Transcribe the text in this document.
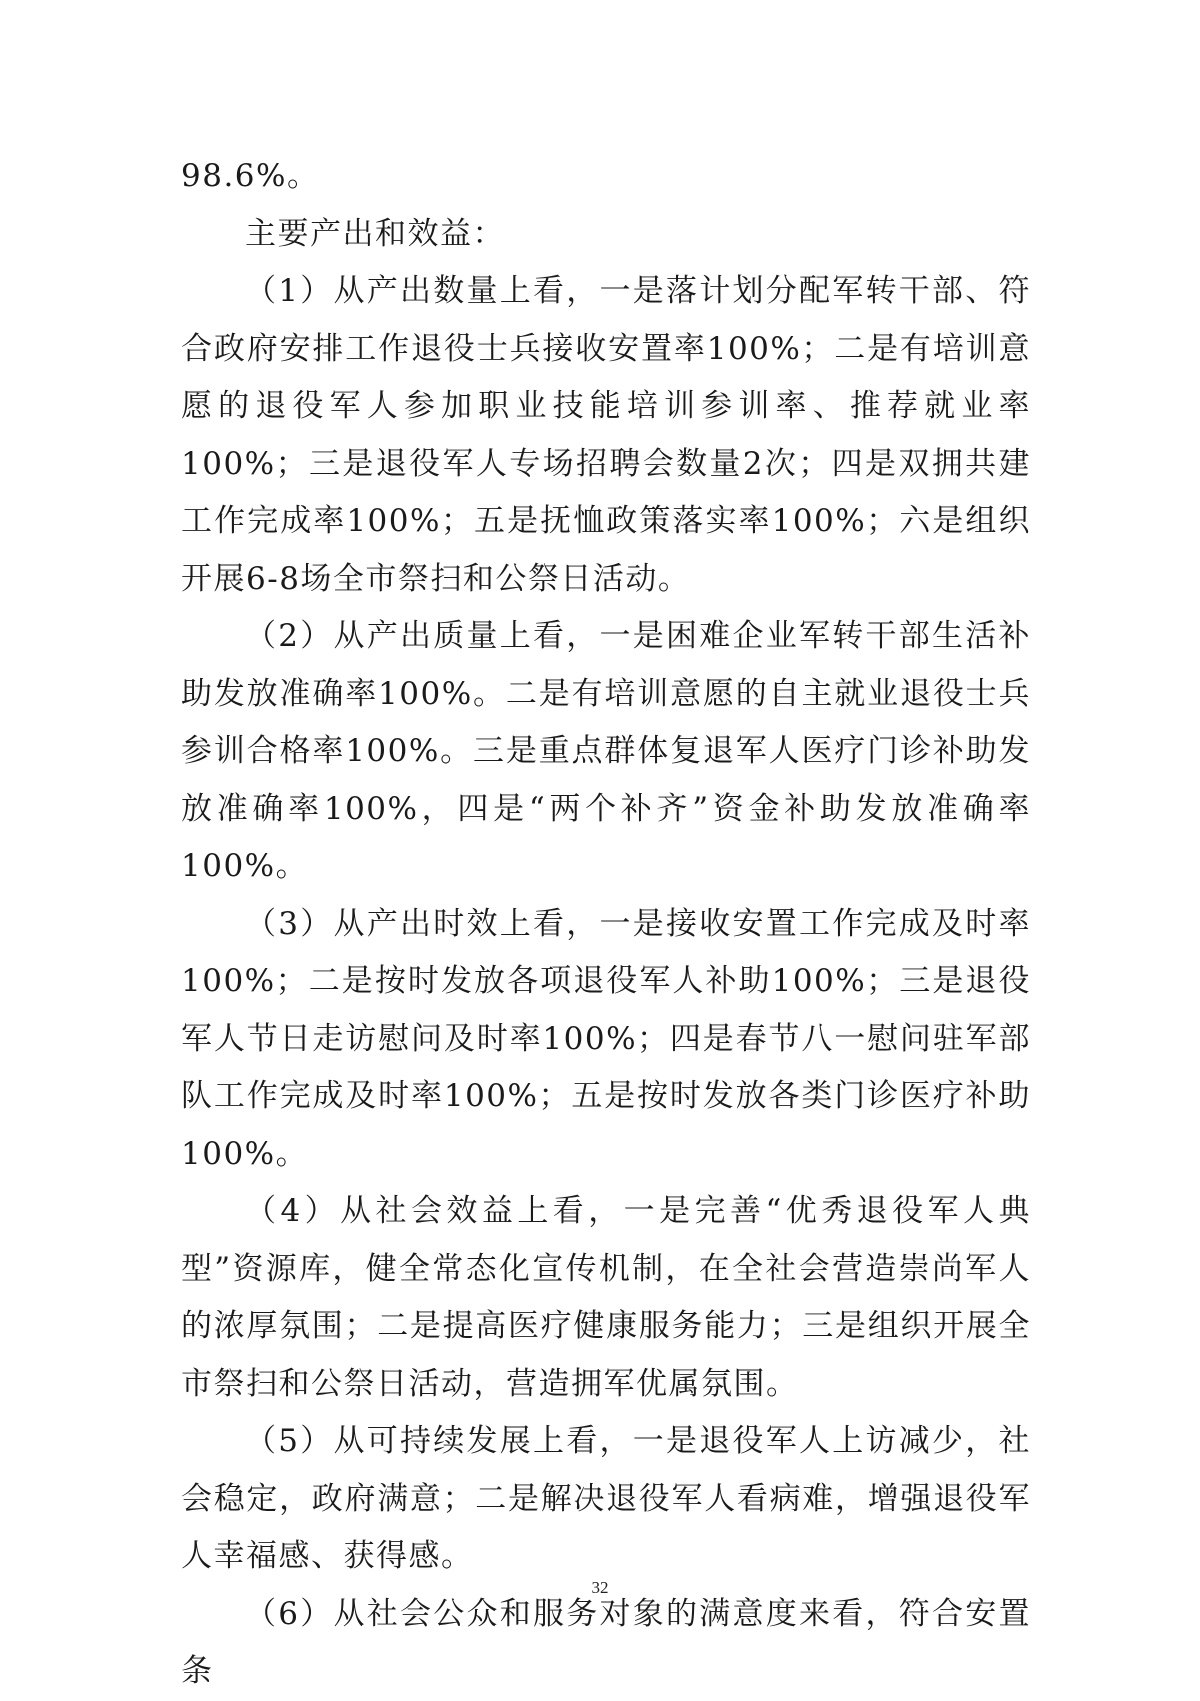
98.6%。

主要产出和效益：

（1）从产出数量上看，一是落计划分配军转干部、符合政府安排工作退役士兵接收安置率100%；二是有培训意愿的退役军人参加职业技能培训参训率、推荐就业率100%；三是退役军人专场招聘会数量2次；四是双拥共建工作完成率100%；五是抚恤政策落实率100%；六是组织开展6-8场全市祭扫和公祭日活动。

（2）从产出质量上看，一是困难企业军转干部生活补助发放准确率100%。二是有培训意愿的自主就业退役士兵参训合格率100%。三是重点群体复退军人医疗门诊补助发放准确率100%，四是“两个补齐”资金补助发放准确率100%。

（3）从产出时效上看，一是接收安置工作完成及时率100%；二是按时发放各项退役军人补助100%；三是退役军人节日走访慰问及时率100%；四是春节八一慰问驻军部队工作完成及时率100%；五是按时发放各类门诊医疗补助100%。

（4）从社会效益上看，一是完善“优秀退役军人典型”资源库，健全常态化宣传机制，在全社会营造崇尚军人的浓厚氛围；二是提高医疗健康服务能力；三是组织开展全市祭扫和公祭日活动，营造拥军优属氛围。

（5）从可持续发展上看，一是退役军人上访减少，社会稳定，政府满意；二是解决退役军人看病难，增强退役军人幸福感、获得感。

（6）从社会公众和服务对象的满意度来看，符合安置条

32
